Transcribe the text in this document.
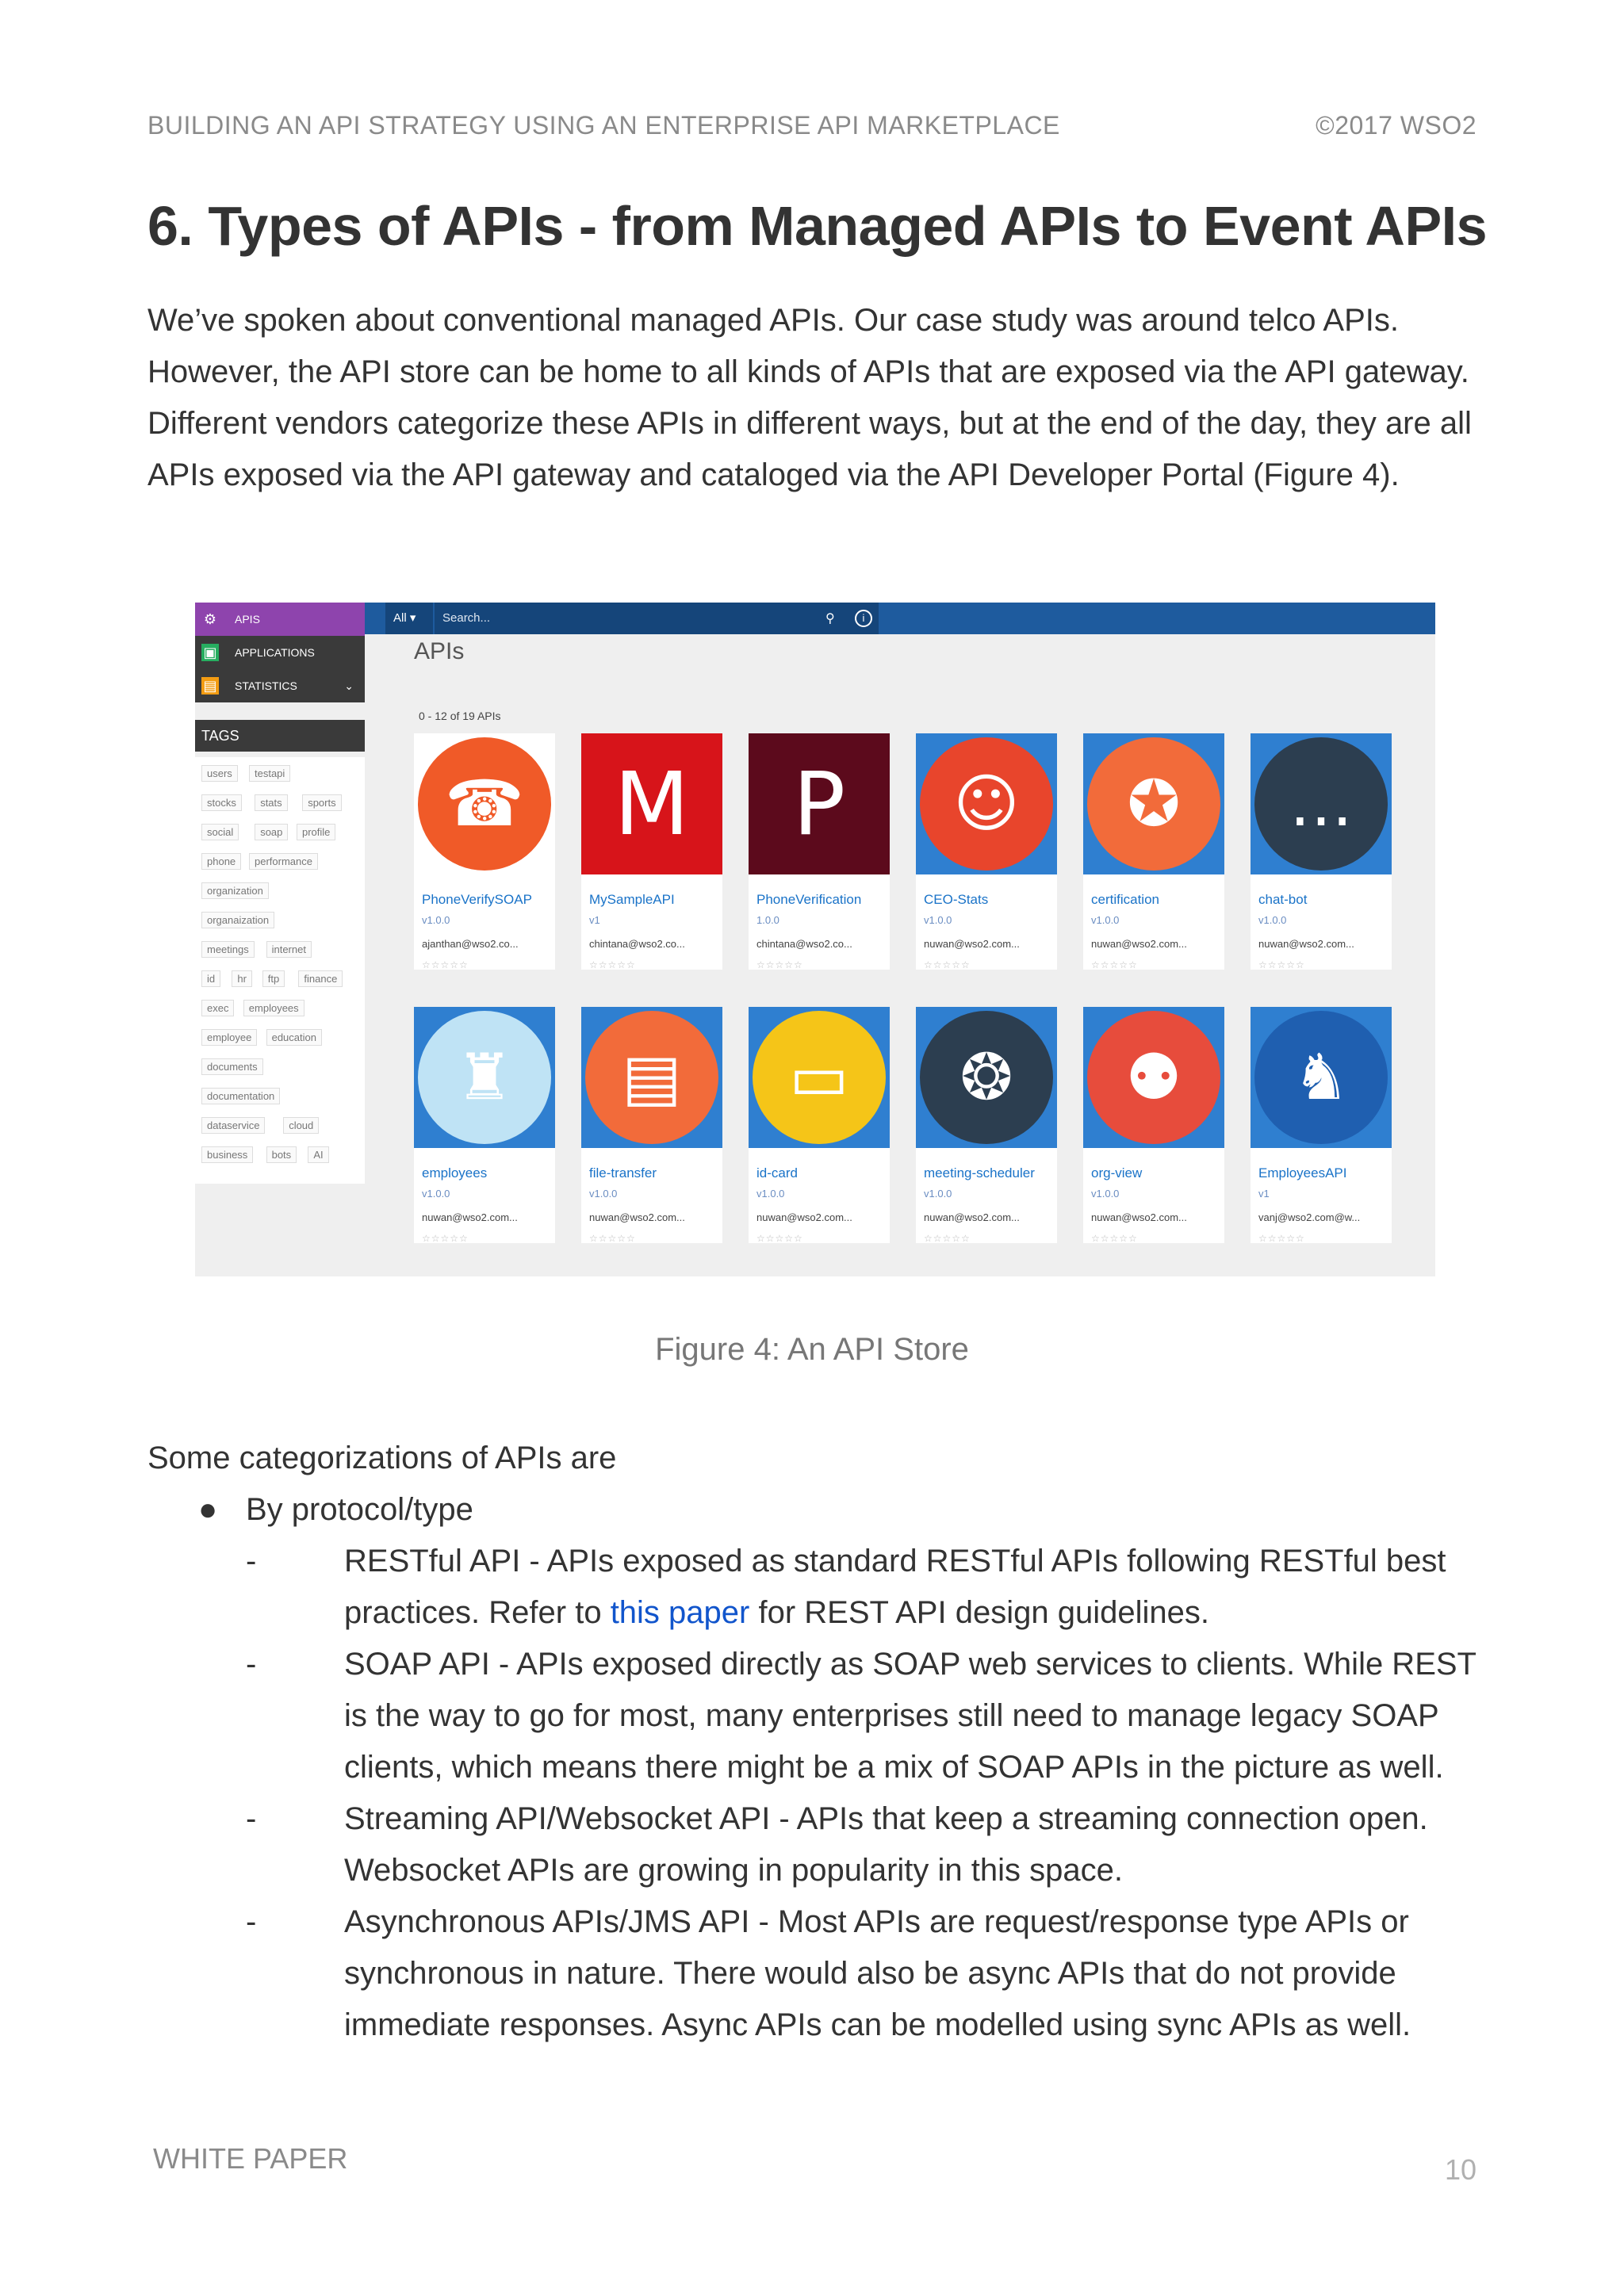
BUILDING AN API STRATEGY USING AN ENTERPRISE API MARKETPLACE	©2017 WSO2
6. Types of APIs - from Managed APIs to Event APIs

We’ve spoken about conventional managed APIs. Our case study was around telco APIs. However, the API store can be home to all kinds of APIs that are exposed via the API gateway. Different vendors categorize these APIs in different ways, but at the end of the day, they are all APIs exposed via the API gateway and cataloged via the API Developer Portal (Figure 4).

All ▾	Search...	⚲	i
⚙ APIS
▣ APPLICATIONS
▤ STATISTICS	⌄
TAGS
users	testapi
stocks	stats	sports
social	soap	profile
phone	performance
organization
organaization
meetings	internet
id	hr	ftp	finance
exec	employees
employee	education
documents
documentation
dataservice	cloud
business	bots	AI
APIs
0 - 12 of 19 APIs
☎
PhoneVerifySOAP
v1.0.0
ajanthan@wso2.co...
☆☆☆☆☆
M
MySampleAPI
v1
chintana@wso2.co...
☆☆☆☆☆
P
PhoneVerification
1.0.0
chintana@wso2.co...
☆☆☆☆☆
☺
CEO-Stats
v1.0.0
nuwan@wso2.com...
☆☆☆☆☆
✪
certification
v1.0.0
nuwan@wso2.com...
☆☆☆☆☆
…
chat-bot
v1.0.0
nuwan@wso2.com...
☆☆☆☆☆
♜
employees
v1.0.0
nuwan@wso2.com...
☆☆☆☆☆
▤
file-transfer
v1.0.0
nuwan@wso2.com...
☆☆☆☆☆
▭
id-card
v1.0.0
nuwan@wso2.com...
☆☆☆☆☆
❂
meeting-scheduler
v1.0.0
nuwan@wso2.com...
☆☆☆☆☆
⚉
org-view
v1.0.0
nuwan@wso2.com...
☆☆☆☆☆
♞
EmployeesAPI
v1
vanj@wso2.com@w...
☆☆☆☆☆
Figure 4: An API Store

Some categorizations of APIs are

● By protocol/type
-	RESTful API - APIs exposed as standard RESTful APIs following RESTful best practices. Refer to this paper for REST API design guidelines.
-	SOAP API - APIs exposed directly as SOAP web services to clients. While REST is the way to go for most, many enterprises still need to manage legacy SOAP clients, which means there might be a mix of SOAP APIs in the picture as well.
-	Streaming API/Websocket API - APIs that keep a streaming connection open. Websocket APIs are growing in popularity in this space.
-	Asynchronous APIs/JMS API - Most APIs are request/response type APIs or synchronous in nature. There would also be async APIs that do not provide immediate responses. Async APIs can be modelled using sync APIs as well.
WHITE PAPER	10
